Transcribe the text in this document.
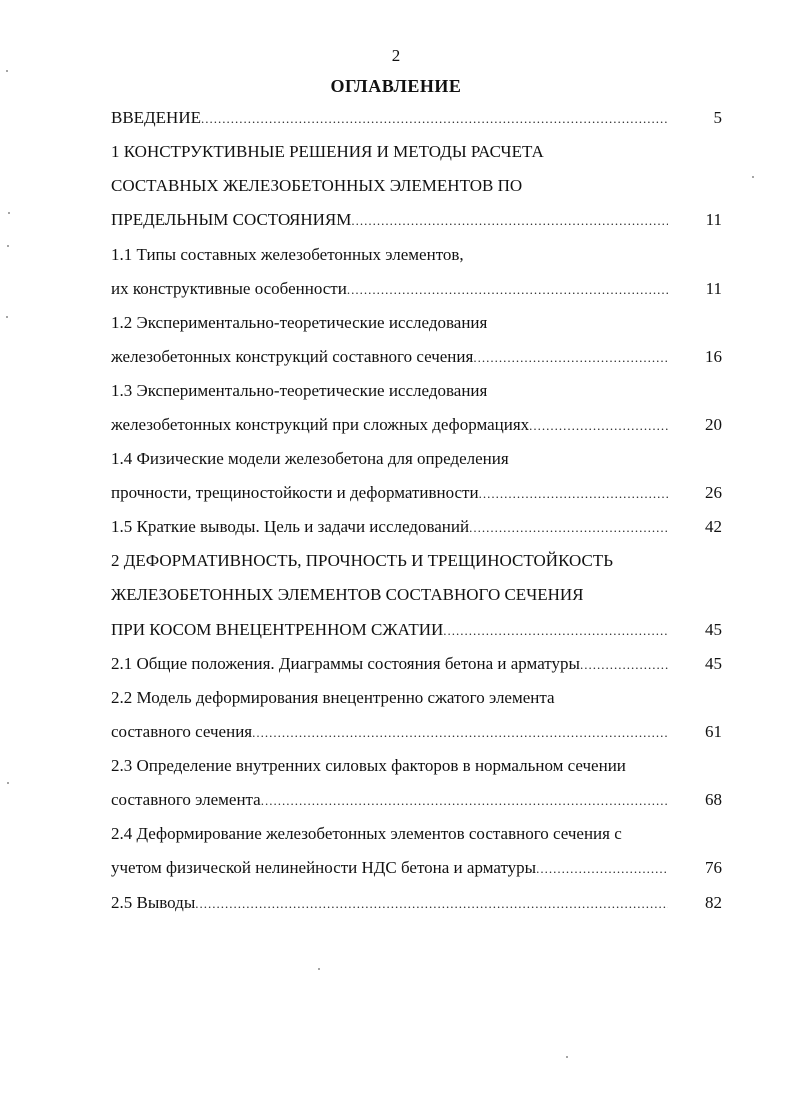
2
ОГЛАВЛЕНИЕ
ВВЕДЕНИЕ .....	5
1 КОНСТРУКТИВНЫЕ РЕШЕНИЯ И МЕТОДЫ РАСЧЕТА
СОСТАВНЫХ ЖЕЛЕЗОБЕТОННЫХ ЭЛЕМЕНТОВ ПО
ПРЕДЕЛЬНЫМ СОСТОЯНИЯМ .....	11
1.1 Типы составных железобетонных элементов,
их конструктивные особенности .....	11
1.2 Экспериментально-теоретические исследования
железобетонных конструкций составного сечения .....	16
1.3 Экспериментально-теоретические исследования
железобетонных конструкций при сложных деформациях .....	20
1.4 Физические модели железобетона для определения
прочности, трещиностойкости и деформативности .....	26
1.5 Краткие выводы. Цель и задачи исследований .....	42
2 ДЕФОРМАТИВНОСТЬ, ПРОЧНОСТЬ И ТРЕЩИНОСТОЙКОСТЬ
ЖЕЛЕЗОБЕТОННЫХ ЭЛЕМЕНТОВ СОСТАВНОГО СЕЧЕНИЯ
ПРИ КОСОМ ВНЕЦЕНТРЕННОМ СЖАТИИ .....	45
2.1 Общие положения. Диаграммы состояния бетона и арматуры .....	45
2.2 Модель деформирования внецентренно сжатого элемента
составного сечения .....	61
2.3 Определение внутренних силовых факторов в нормальном сечении
составного элемента .....	68
2.4 Деформирование железобетонных элементов составного сечения с
учетом физической нелинейности НДС бетона и арматуры .....	76
2.5 Выводы .....	82
